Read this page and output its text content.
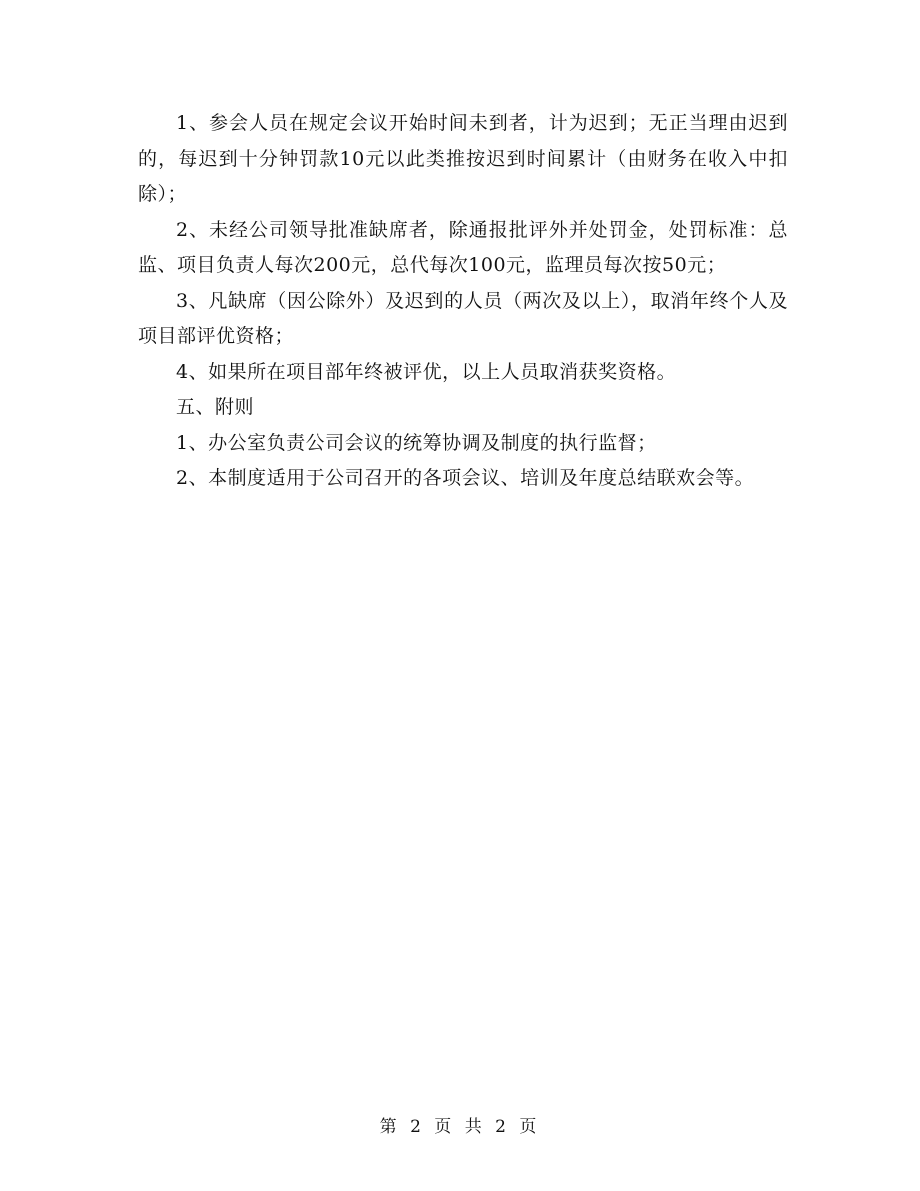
1、参会人员在规定会议开始时间未到者，计为迟到；无正当理由迟到的，每迟到十分钟罚款10元以此类推按迟到时间累计（由财务在收入中扣除）；

2、未经公司领导批准缺席者，除通报批评外并处罚金，处罚标准：总监、项目负责人每次200元，总代每次100元，监理员每次按50元；

3、凡缺席（因公除外）及迟到的人员（两次及以上），取消年终个人及项目部评优资格；

4、如果所在项目部年终被评优，以上人员取消获奖资格。

五、附则

1、办公室负责公司会议的统筹协调及制度的执行监督；

2、本制度适用于公司召开的各项会议、培训及年度总结联欢会等。

第 2 页 共 2 页
